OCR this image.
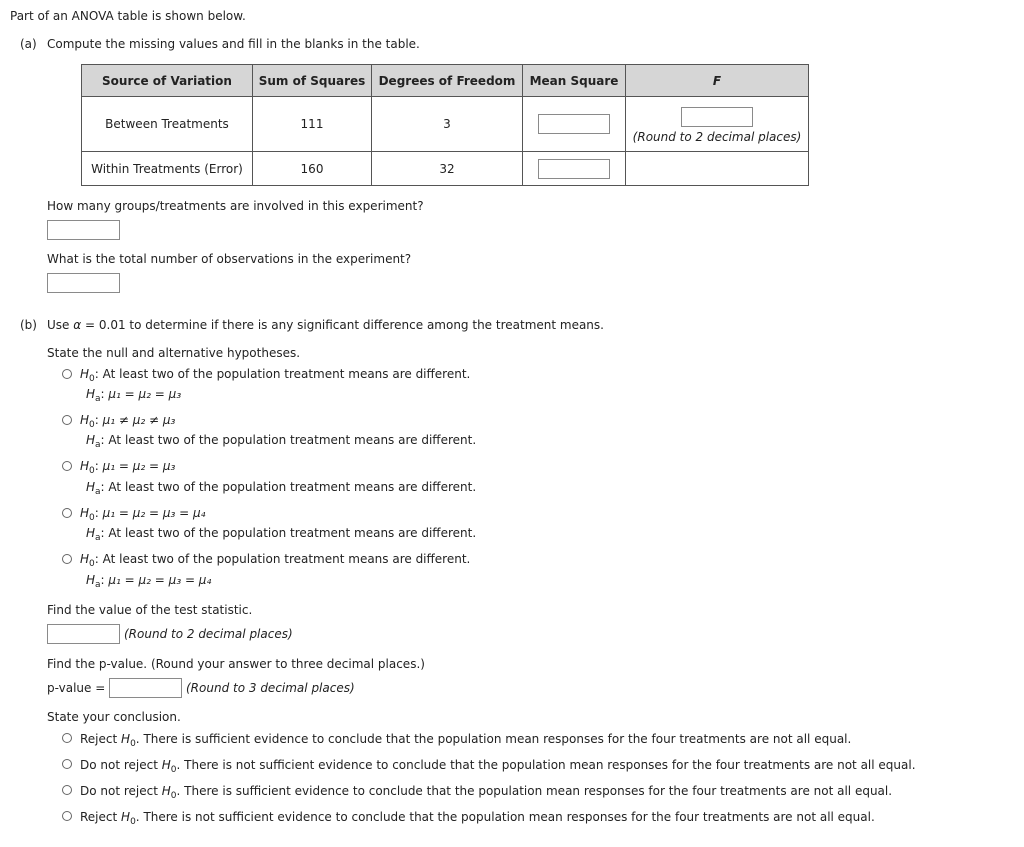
Part of an ANOVA table is shown below.
(a) Compute the missing values and fill in the blanks in the table.
Source of Variation	Sum of Squares	Degrees of Freedom	Mean Square	F
Between Treatments	111	3		(Round to 2 decimal places)

Within Treatments (Error)	160	32		
How many groups/treatments are involved in this experiment?
What is the total number of observations in the experiment?
(b) Use α = 0.01 to determine if there is any significant difference among the treatment means.
State the null and alternative hypotheses.
$H_0$: At least two of the population treatment means are different.
$H_a$: μ₁ = μ₂ = μ₃
$H_0$: μ₁ ≠ μ₂ ≠ μ₃
$H_a$: At least two of the population treatment means are different.
$H_0$: μ₁ = μ₂ = μ₃
$H_a$: At least two of the population treatment means are different.
$H_0$: μ₁ = μ₂ = μ₃ = μ₄
$H_a$: At least two of the population treatment means are different.
$H_0$: At least two of the population treatment means are different.
$H_a$: μ₁ = μ₂ = μ₃ = μ₄
Find the value of the test statistic.
(Round to 2 decimal places)
Find the p-value. (Round your answer to three decimal places.)
p-value =	(Round to 3 decimal places)
State your conclusion.
Reject $H_0$. There is sufficient evidence to conclude that the population mean responses for the four treatments are not all equal.
Do not reject $H_0$. There is not sufficient evidence to conclude that the population mean responses for the four treatments are not all equal.
Do not reject $H_0$. There is sufficient evidence to conclude that the population mean responses for the four treatments are not all equal.
Reject $H_0$. There is not sufficient evidence to conclude that the population mean responses for the four treatments are not all equal.
